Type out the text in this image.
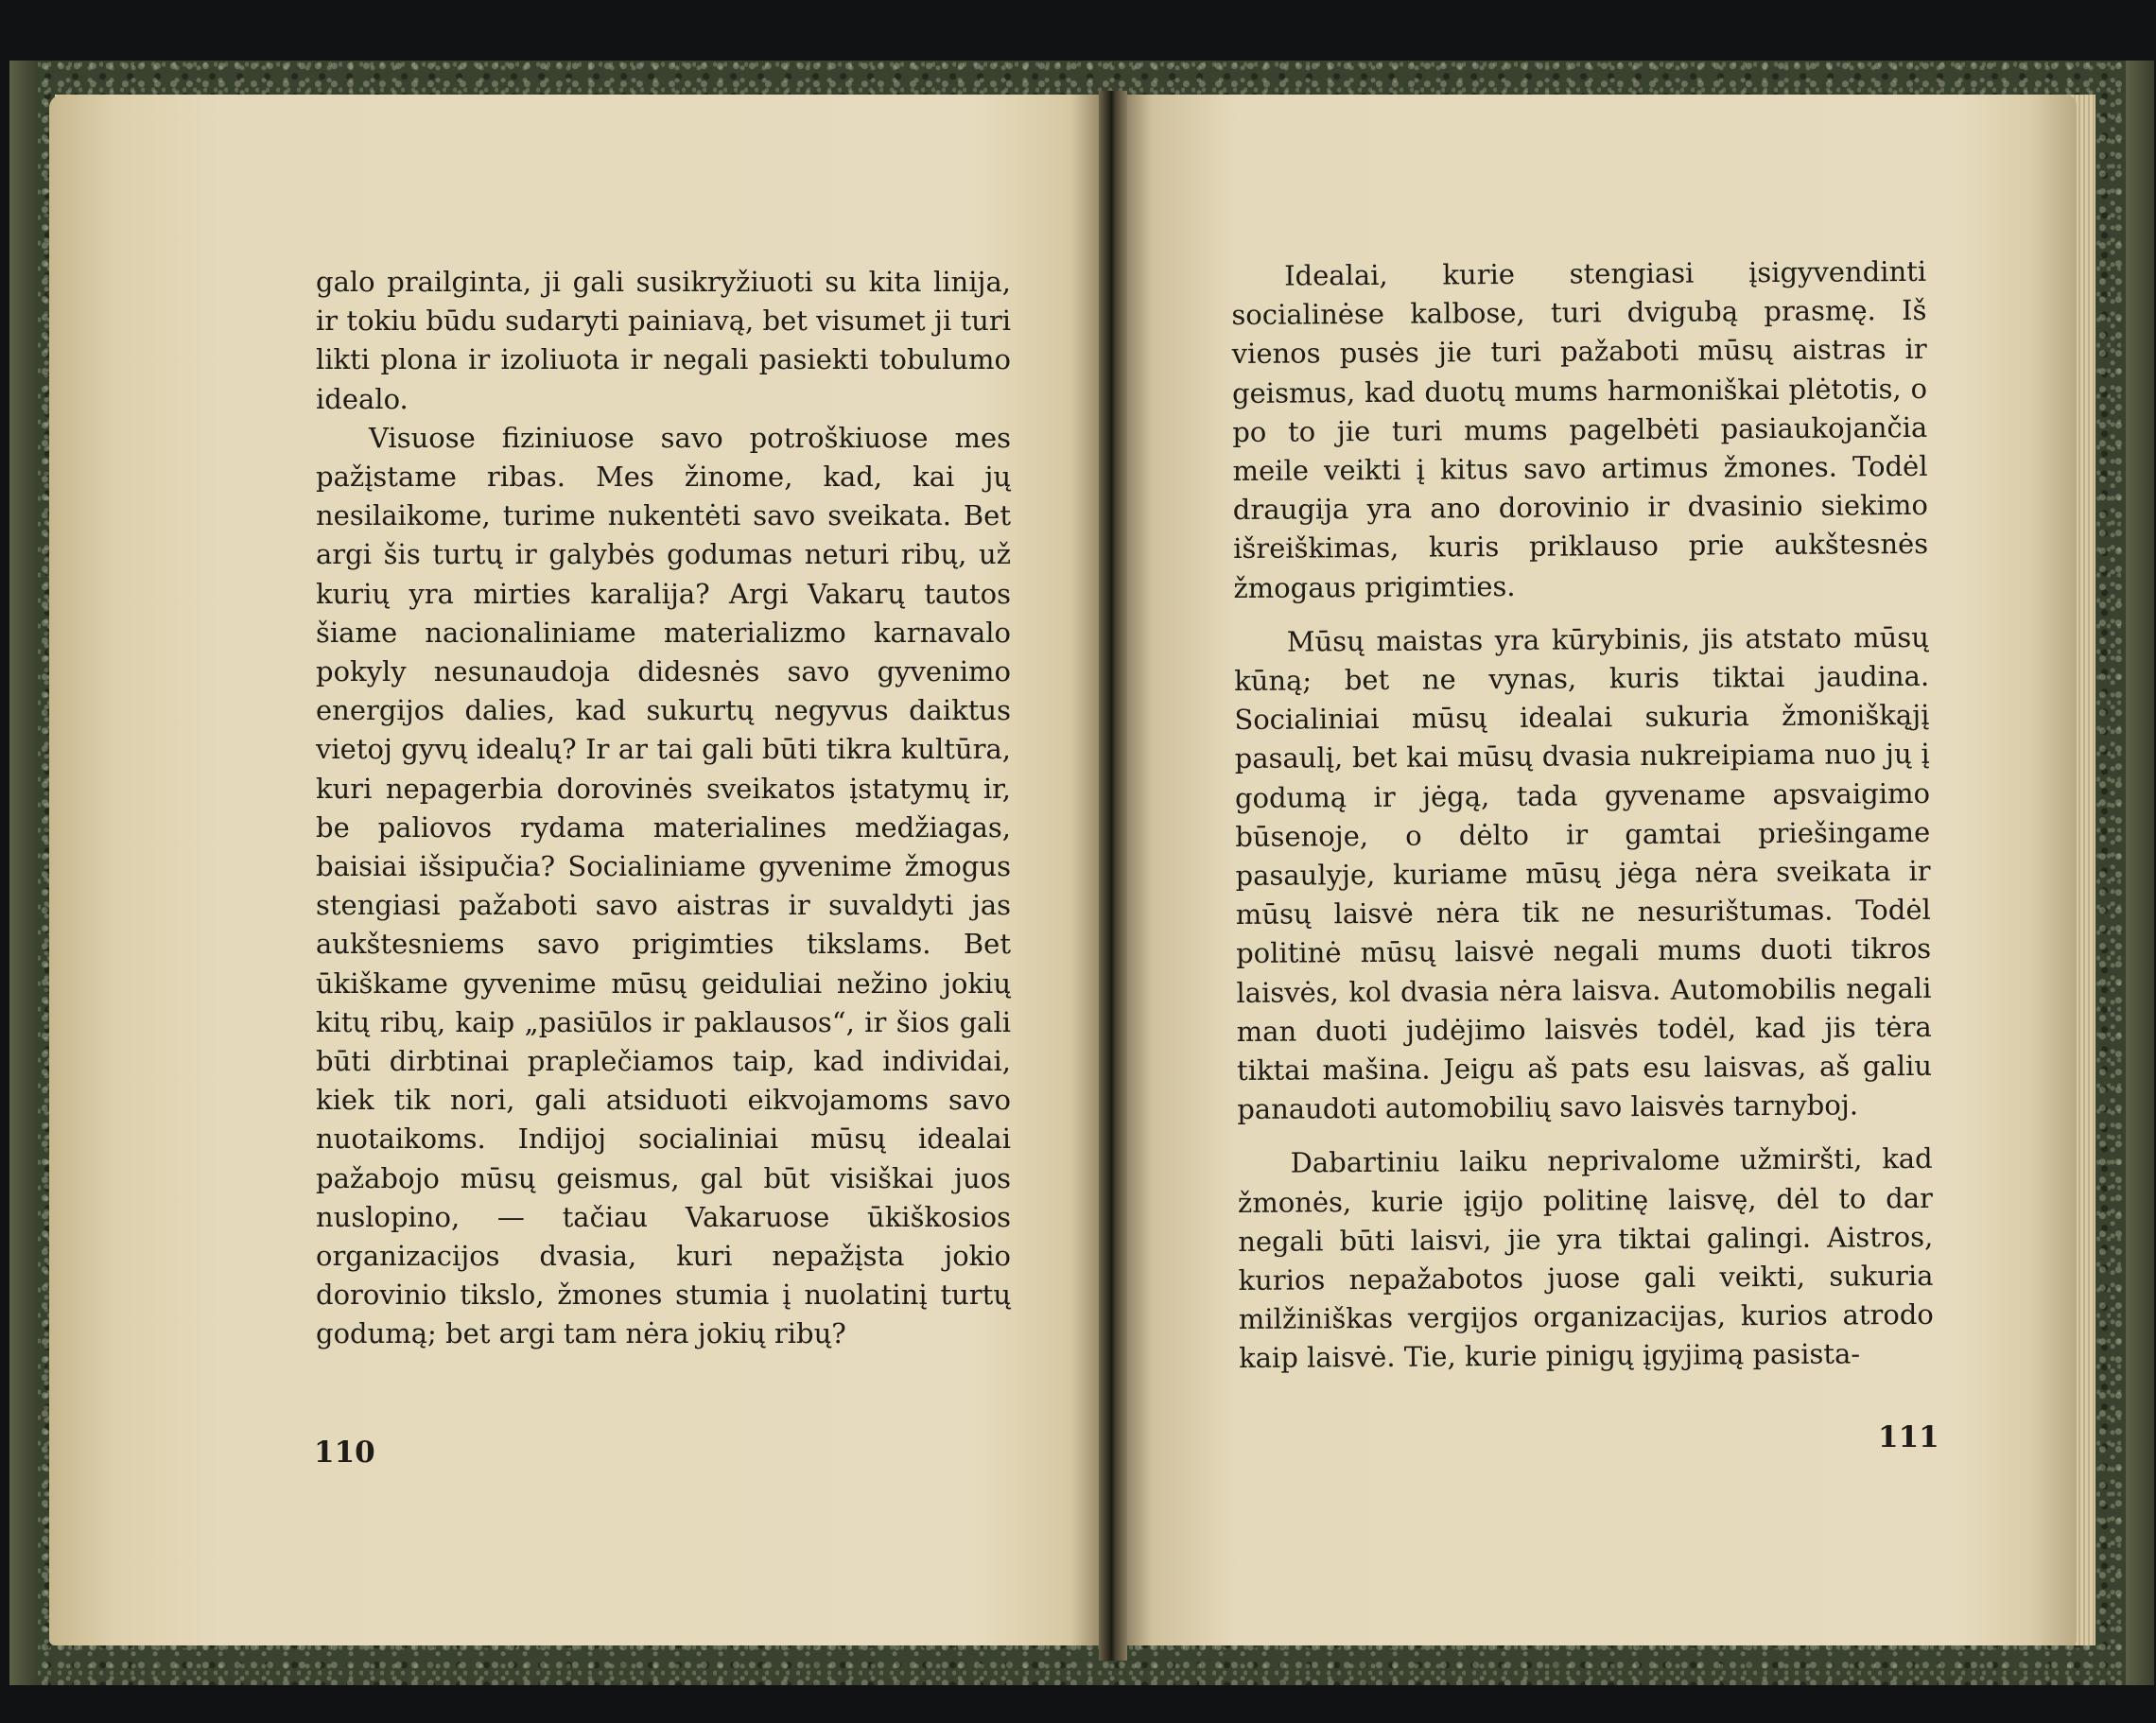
galo prailginta, ji gali susikryžiuoti su kita linija, ir tokiu būdu sudaryti painiavą, bet visumet ji turi likti plona ir izoliuota ir negali pasiekti tobulumo idealo.

Visuose fiziniuose savo potroškiuose mes pažįstame ribas. Mes žinome, kad, kai jų nesilaikome, turime nukentėti savo sveikata. Bet argi šis turtų ir galybės godumas neturi ribų, už kurių yra mirties karalija? Argi Vakarų tautos šiame nacionaliniame materializmo karnavalo pokyly nesunaudoja didesnės savo gyvenimo energijos dalies, kad sukurtų negyvus daiktus vietoj gyvų idealų? Ir ar tai gali būti tikra kultūra, kuri nepagerbia dorovinės sveikatos įstatymų ir, be paliovos rydama materialines medžiagas, baisiai išsipučia? Socialiniame gyvenime žmogus stengiasi pažaboti savo aistras ir suvaldyti jas aukštesniems savo prigimties tikslams. Bet ūkiškame gyvenime mūsų geiduliai nežino jokių kitų ribų, kaip „pasiūlos ir paklausos“, ir šios gali būti dirbtinai praplečiamos taip, kad individai, kiek tik nori, gali atsiduoti eikvojamoms savo nuotaikoms. Indijoj socialiniai mūsų idealai pažabojo mūsų geismus, gal būt visiškai juos nuslopino, — tačiau Vakaruose ūkiškosios organizacijos dvasia, kuri nepažįsta jokio dorovinio tikslo, žmones stumia į nuolatinį turtų godumą; bet argi tam nėra jokių ribų?

110

Idealai, kurie stengiasi įsigyvendinti socialinėse kalbose, turi dvigubą prasmę. Iš vienos pusės jie turi pažaboti mūsų aistras ir geismus, kad duotų mums harmoniškai plėtotis, o po to jie turi mums pagelbėti pasiaukojančia meile veikti į kitus savo artimus žmones. Todėl draugija yra ano dorovinio ir dvasinio siekimo išreiškimas, kuris priklauso prie aukštesnės žmogaus prigimties.

Mūsų maistas yra kūrybinis, jis atstato mūsų kūną; bet ne vynas, kuris tiktai jaudina. Socialiniai mūsų idealai sukuria žmoniškąjį pasaulį, bet kai mūsų dvasia nukreipiama nuo jų į godumą ir jėgą, tada gyvename apsvaigimo būsenoje, o dėlto ir gamtai priešingame pasaulyje, kuriame mūsų jėga nėra sveikata ir mūsų laisvė nėra tik ne nesurištumas. Todėl politinė mūsų laisvė negali mums duoti tikros laisvės, kol dvasia nėra laisva. Automobilis negali man duoti judėjimo laisvės todėl, kad jis tėra tiktai mašina. Jeigu aš pats esu laisvas, aš galiu panaudoti automobilių savo laisvės tarnyboj.

Dabartiniu laiku neprivalome užmiršti, kad žmonės, kurie įgijo politinę laisvę, dėl to dar negali būti laisvi, jie yra tiktai galingi. Aistros, kurios nepažabotos juose gali veikti, sukuria milžiniškas vergijos organizacijas, kurios atrodo kaip laisvė. Tie, kurie pinigų įgyjimą pasista-

111
